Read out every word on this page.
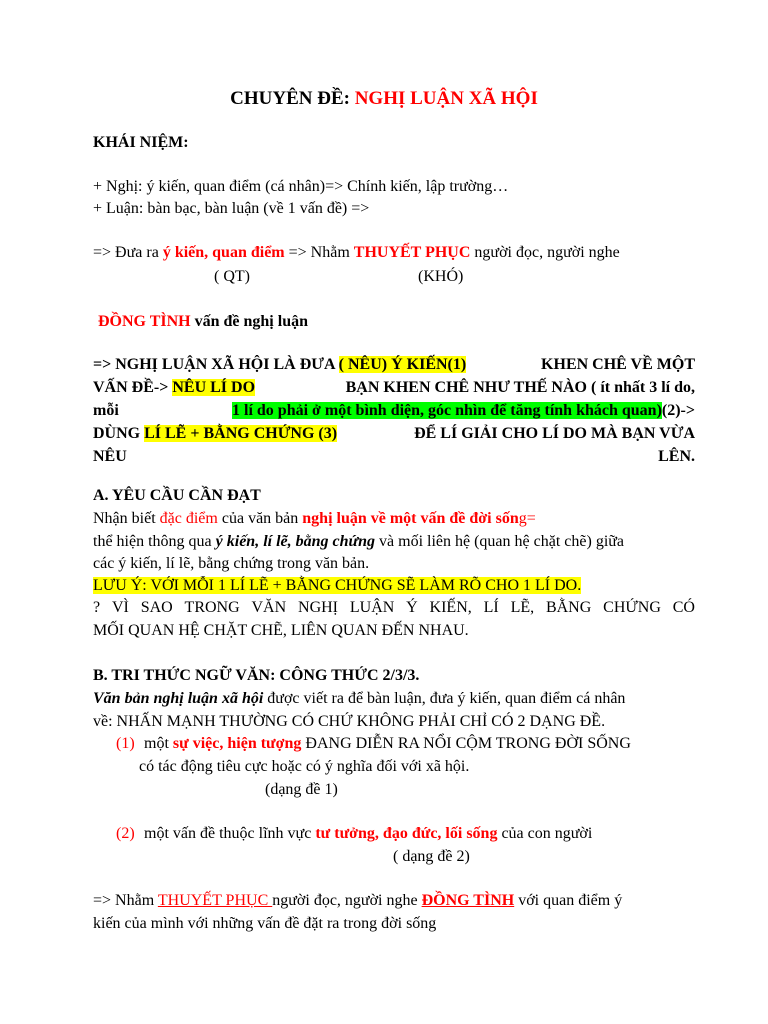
CHUYÊN ĐỀ: NGHỊ LUẬN XÃ HỘI
KHÁI NIỆM:
+ Nghị: ý kiến, quan điểm (cá nhân)=> Chính kiến, lập trường…
+ Luận: bàn bạc, bàn luận (về 1 vấn đề) =>
=> Đưa ra ý kiến, quan điểm => Nhằm THUYẾT PHỤC người đọc, người nghe
( QT)	(KHÓ)
ĐỒNG TÌNH vấn đề nghị luận
=> NGHỊ LUẬN XÃ HỘI LÀ ĐƯA ( NÊU) Ý KIẾN(1)	KHEN CHÊ VỀ MỘT
VẤN ĐỀ-> NÊU LÍ DO	BẠN KHEN CHÊ NHƯ THẾ NÀO ( ít nhất 3 lí do,
mỗi	1 lí do phải ở một bình diện, góc nhìn để tăng tính khách quan)(2)->
DÙNG LÍ LẼ + BẰNG CHỨNG (3)	ĐỂ LÍ GIẢI CHO LÍ DO MÀ BẠN VỪA
NÊU	LÊN.
A. YÊU CẦU CẦN ĐẠT
Nhận biết đặc điểm của văn bản nghị luận về một vấn đề đời sống=
thể hiện thông qua ý kiến, lí lẽ, bằng chứng và mối liên hệ (quan hệ chặt chẽ) giữa
các ý kiến, lí lẽ, bằng chứng trong văn bản.
LƯU Ý: VỚI MỖI 1 LÍ LẼ + BẰNG CHỨNG SẼ LÀM RÕ CHO 1 LÍ DO.
? VÌ SAO TRONG VĂN NGHỊ LUẬN Ý KIẾN, LÍ LẼ, BẰNG CHỨNG CÓ
MỐI QUAN HỆ CHẶT CHẼ, LIÊN QUAN ĐẾN NHAU.
B. TRI THỨC NGỮ VĂN: CÔNG THỨC 2/3/3.
Văn bản nghị luận xã hội được viết ra để bàn luận, đưa ý kiến, quan điểm cá nhân
về: NHẤN MẠNH THƯỜNG CÓ CHỨ KHÔNG PHẢI CHỈ CÓ 2 DẠNG ĐỀ.
(1) một sự việc, hiện tượng ĐANG DIỄN RA NỔI CỘM TRONG ĐỜI SỐNG
có tác động tiêu cực hoặc có ý nghĩa đối với xã hội.
(dạng đề 1)
(2) một vấn đề thuộc lĩnh vực tư tưởng, đạo đức, lối sống của con người
( dạng đề 2)
=> Nhằm THUYẾT PHỤC người đọc, người nghe ĐỒNG TÌNH với quan điểm ý
kiến của mình với những vấn đề đặt ra trong đời sống
